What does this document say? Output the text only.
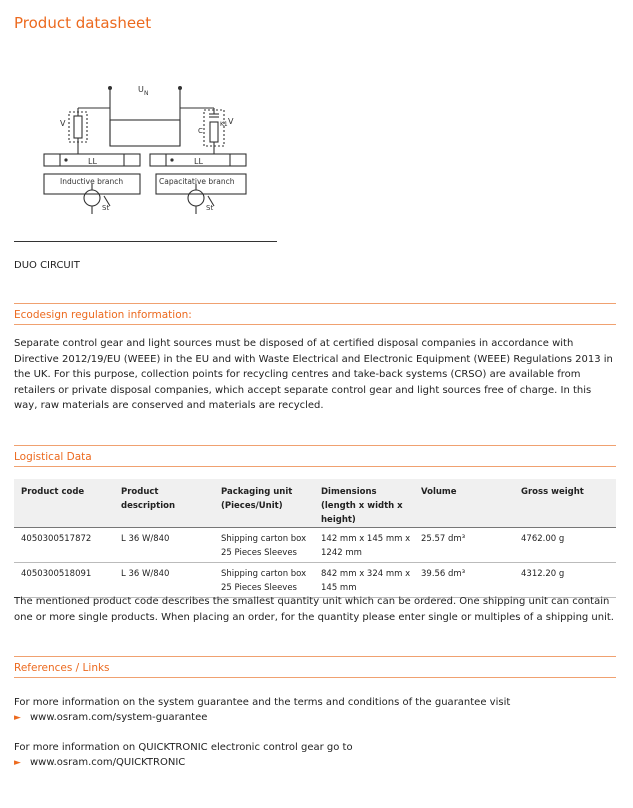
Product datasheet
U N
V	V
C
K1
LL	LL
Inductive branch	Capacitative branch
St	St
DUO CIRCUIT
Ecodesign regulation information:
Separate control gear and light sources must be disposed of at certified disposal companies in accordance with Directive 2012/19/EU (WEEE) in the EU and with Waste Electrical and Electronic Equipment (WEEE) Regulations 2013 in the UK. For this purpose, collection points for recycling centres and take-back systems (CRSO) are available from retailers or private disposal companies, which accept separate control gear and light sources free of charge. In this way, raw materials are conserved and materials are recycled.
Logistical Data
Product code	Product description	Packaging unit (Pieces/Unit)	Dimensions (length x width x height)	Volume	Gross weight
4050300517872	L 36 W/840	Shipping carton box 25 Pieces Sleeves	142 mm x 145 mm x 1242 mm	25.57 dm³	4762.00 g
4050300518091	L 36 W/840	Shipping carton box 25 Pieces Sleeves	842 mm x 324 mm x 145 mm	39.56 dm³	4312.20 g
The mentioned product code describes the smallest quantity unit which can be ordered. One shipping unit can contain one or more single products. When placing an order, for the quantity please enter single or multiples of a shipping unit.
References / Links
For more information on the system guarantee and the terms and conditions of the guarantee visit
► www.osram.com/system-guarantee
For more information on QUICKTRONIC electronic control gear go to
► www.osram.com/QUICKTRONIC
